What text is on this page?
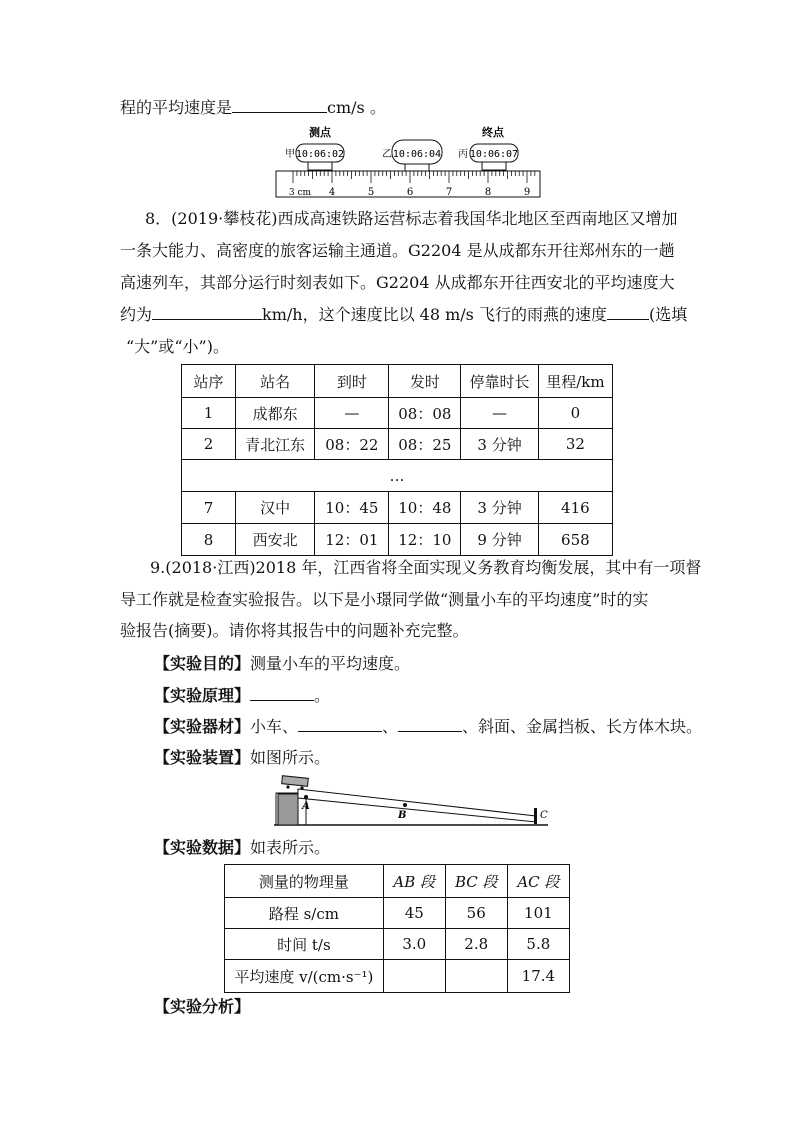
程的平均速度是	cm/s 。
测点	终点
甲 10:06:02	乙 10:06:04 丙 10:06:07
3 cm 4	5	6	7	8	9
8．(2019·攀枝花)西成高速铁路运营标志着我国华北地区至西南地区又增加
一条大能力、高密度的旅客运输主通道。G2204 是从成都东开往郑州东的一趟
高速列车，其部分运行时刻表如下。G2204 从成都东开往西安北的平均速度大
约为	km/h，这个速度比以 48 m/s 飞行的雨燕的速度	(选填
“大”或“小”)。
站序	站名	到时	发时	停靠时长	里程/km
1	成都东	—	08：08	—	0
2	青北江东	08：22	08：25	3 分钟	32
…					
7	汉中	10：45	10：48	3 分钟	416
8	西安北	12：01	12：10	9 分钟	658
9.(2018·江西)2018 年，江西省将全面实现义务教育均衡发展，其中有一项督
导工作就是检查实验报告。以下是小璟同学做“测量小车的平均速度”时的实
验报告(摘要)。请你将其报告中的问题补充完整。
【实验目的】测量小车的平均速度。
【实验原理】	。
【实验器材】小车、	、	、斜面、金属挡板、长方体木块。
【实验装置】如图所示。
A
B	C
【实验数据】如表所示。
测量的物理量	AB 段	BC 段	AC 段
路程 s/cm	45	56	101
时间 t/s	3.0	2.8	5.8
平均速度 v/(cm·s⁻¹)			17.4
【实验分析】
